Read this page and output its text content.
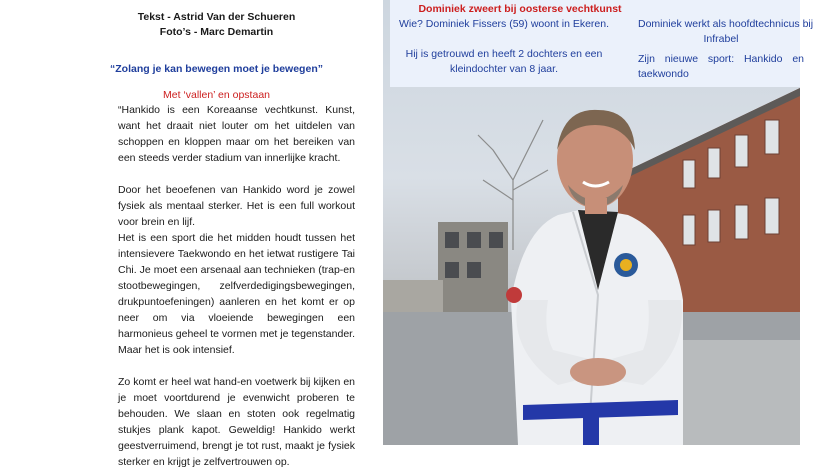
Tekst - Astrid Van der Schueren
Foto’s - Marc Demartin
“Zolang je kan bewegen moet je bewegen”
Met ‘vallen’ en opstaan

“Hankido is een Koreaanse vechtkunst. Kunst, want het draait niet louter om het uitdelen van schoppen en kloppen maar om het bereiken van een steeds verder stadium van innerlijke kracht.

Door het beoefenen van Hankido word je zowel fysiek als mentaal sterker. Het is een full workout voor brein en lijf.

Het is een sport die het midden houdt tussen het intensievere Taekwondo en het ietwat rustigere Tai Chi. Je moet een arsenaal aan technieken (trap-en stootbewegingen, zelfverdedigingsbewegingen, drukpuntoefeningen) aanleren en het komt er op neer om via vloeiende bewegingen een harmonieus geheel te vormen met je tegenstander. Maar het is ook intensief.

Zo komt er heel wat hand-en voetwerk bij kijken en je moet voortdurend je evenwicht proberen te behouden. We slaan en stoten ook regelmatig stukjes plank kapot. Geweldig! Hankido werkt geestverruimend, brengt je tot rust, maakt je fysiek sterker en krijgt je zelfvertrouwen op.

Dominiek zweert bij oosterse vechtkunst
Wie? Dominiek Fissers (59) woont in Ekeren.
Hij is getrouwd en heeft 2 dochters en een kleindochter van 8 jaar.
Dominiek werkt als hoofdtechnicus bij
Infrabel
Zijn nieuwe sport: Hankido en taekwondo
